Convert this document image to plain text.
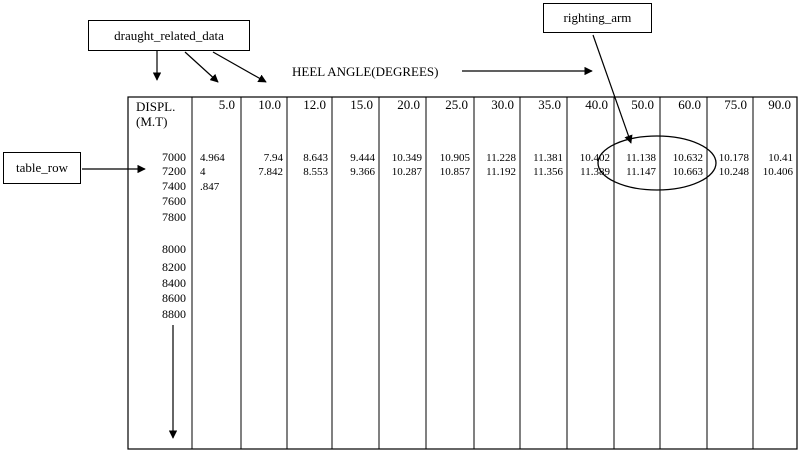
5.0 10.0 12.0 15.0 20.0 25.0 30.0 35.0 40.0 50.0 60.0 75.0 90.0
7000
7200
7400
7600
7800
8000
8200
8400
8600
8800
4.964	7.94 8.643 9.444 10.349 10.905 11.228 11.381 10.402 11.138 10.632 10.178 10.41
4	7.842 8.553 9.366 10.287 10.857 11.192 11.356 11.389 11.147 10.663 10.248 10.406
.847
DISPL.
(M.T)
draught_related_data
righting_arm
table_row
HEEL ANGLE(DEGREES)
